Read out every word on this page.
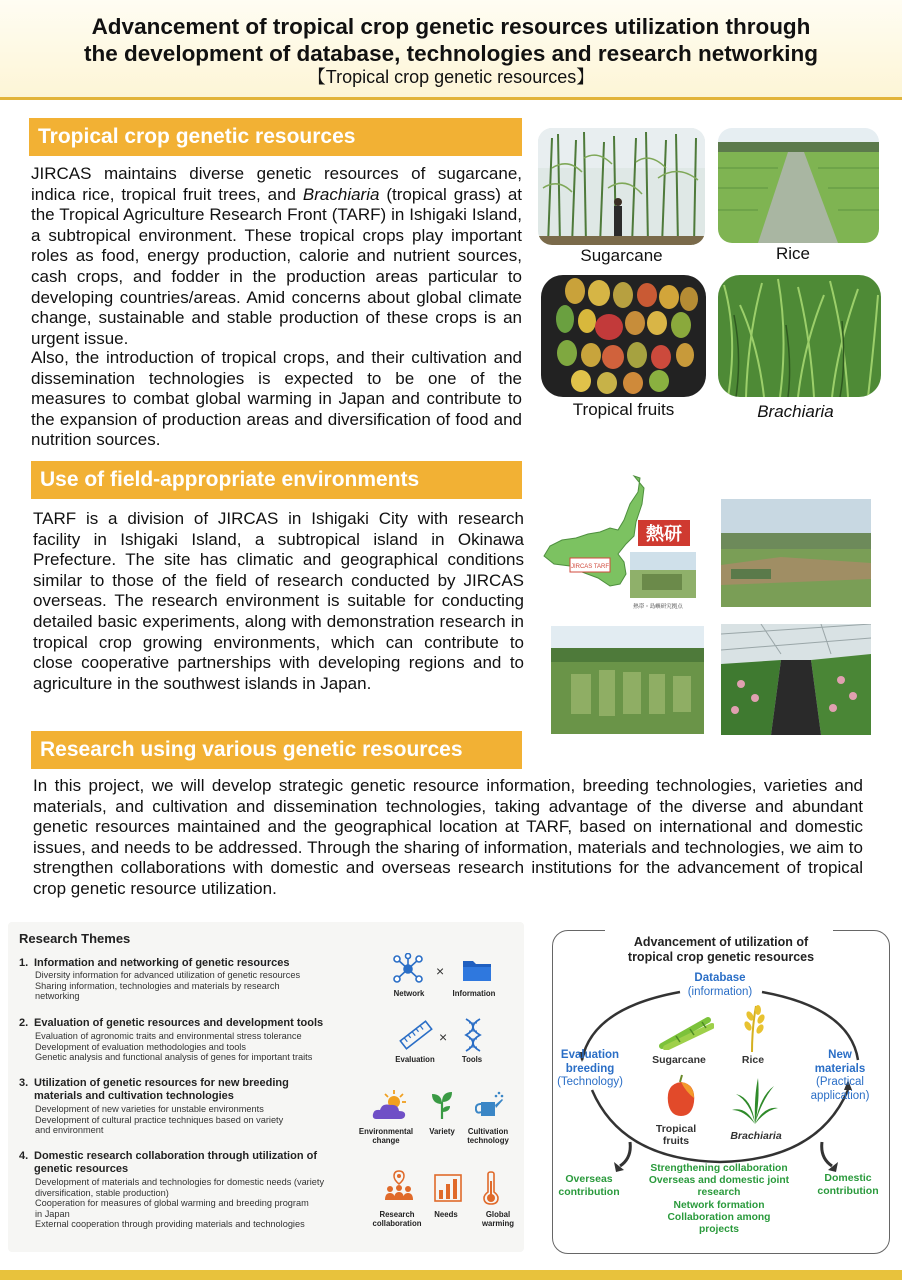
Advancement of tropical crop genetic resources utilization through
the development of database, technologies and research networking
【Tropical crop genetic resources】
Tropical crop genetic resources
JIRCAS maintains diverse genetic resources of sugarcane, indica rice, tropical fruit trees, and Brachiaria (tropical grass) at the Tropical Agriculture Research Front (TARF) in Ishigaki Island, a subtropical environment. These tropical crops play important roles as food, energy production, calorie and nutrient sources, cash crops, and fodder in the production areas particular to developing countries/areas. Amid concerns about global climate change, sustainable and stable production of these crops is an urgent issue.
Also, the introduction of tropical crops, and their cultivation and dissemination technologies is expected to be one of the measures to combat global warming in Japan and contribute to the expansion of production areas and diversification of food and nutrition sources.
Sugarcane	Rice
Tropical fruits	Brachiaria
Use of field-appropriate environments
TARF is a division of JIRCAS in Ishigaki City with research facility in Ishigaki Island, a subtropical island in Okinawa Prefecture. The site has climatic and geographical conditions similar to those of the field of research conducted by JIRCAS overseas. The research environment is suitable for conducting detailed basic experiments, along with demonstration research in tropical crop growing environments, which can contribute to close cooperative partnerships with developing regions and to agriculture in the southwest islands in Japan.
JIRCAS TARF
熱研
熱帯・島嶼研究拠点
Research using various genetic resources
In this project, we will develop strategic genetic resource information, breeding technologies, varieties and materials, and cultivation and dissemination technologies, taking advantage of the diverse and abundant genetic resources maintained and the geographical location at TARF, based on international and domestic issues, and needs to be addressed. Through the sharing of information, materials and technologies, we aim to strengthen collaborations with domestic and overseas research institutions for the advancement of tropical crop genetic resource utilization.
Research Themes
1. Information and networking of genetic resources
Diversity information for advanced utilization of genetic resources
Sharing information, technologies and materials by research
networking
×
Network	Information
2. Evaluation of genetic resources and development tools
Evaluation of agronomic traits and environmental stress tolerance
Development of evaluation methodologies and tools
Genetic analysis and functional analysis of genes for important traits
×
Evaluation	Tools
3. Utilization of genetic resources for new breeding
materials and cultivation technologies
Development of new varieties for unstable environments
Development of cultural practice techniques based on variety
and environment	Environmental change
Variety	Cultivation technology
4. Domestic research collaboration through utilization of
genetic resources
Development of materials and technologies for domestic needs (variety
diversification, stable production)
Cooperation for measures of global warming and breeding program
in Japan
External cooperation through providing materials and technologies
Research collaboration
Needs	Global warming
Advancement of utilization of
tropical crop genetic resources
Database
(information)
Evaluation
breeding
(Technology)
New
materials
(Practical
application)
Sugarcane	Rice
Tropical
fruits	Brachiaria
Overseas
contribution
Domestic
contribution
Strengthening collaboration
Overseas and domestic joint
research
Network formation
Collaboration among
projects
